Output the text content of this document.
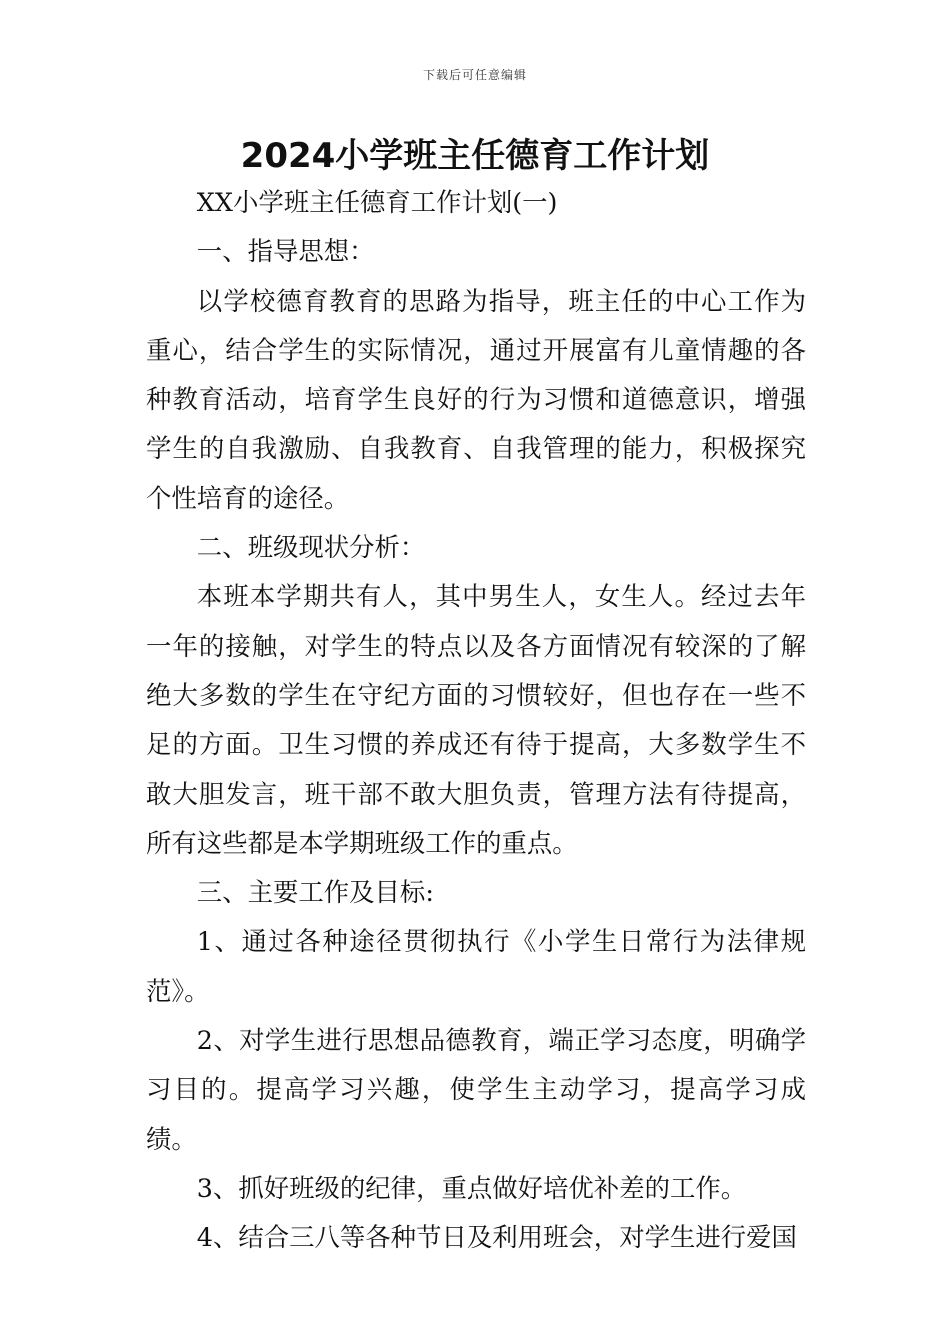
下载后可任意编辑
2024小学班主任德育工作计划

XX小学班主任德育工作计划(一)

一、指导思想：

以学校德育教育的思路为指导，班主任的中心工作为重心，结合学生的实际情况，通过开展富有儿童情趣的各种教育活动，培育学生良好的行为习惯和道德意识，增强学生的自我激励、自我教育、自我管理的能力，积极探究个性培育的途径。

二、班级现状分析：

本班本学期共有人，其中男生人，女生人。经过去年一年的接触，对学生的特点以及各方面情况有较深的了解绝大多数的学生在守纪方面的习惯较好，但也存在一些不足的方面。卫生习惯的养成还有待于提高，大多数学生不敢大胆发言，班干部不敢大胆负责，管理方法有待提高，所有这些都是本学期班级工作的重点。

三、主要工作及目标:

1、通过各种途径贯彻执行《小学生日常行为法律规范》。

2、对学生进行思想品德教育，端正学习态度，明确学习目的。提高学习兴趣，使学生主动学习，提高学习成绩。

3、抓好班级的纪律，重点做好培优补差的工作。

4、结合三八等各种节日及利用班会，对学生进行爱国
